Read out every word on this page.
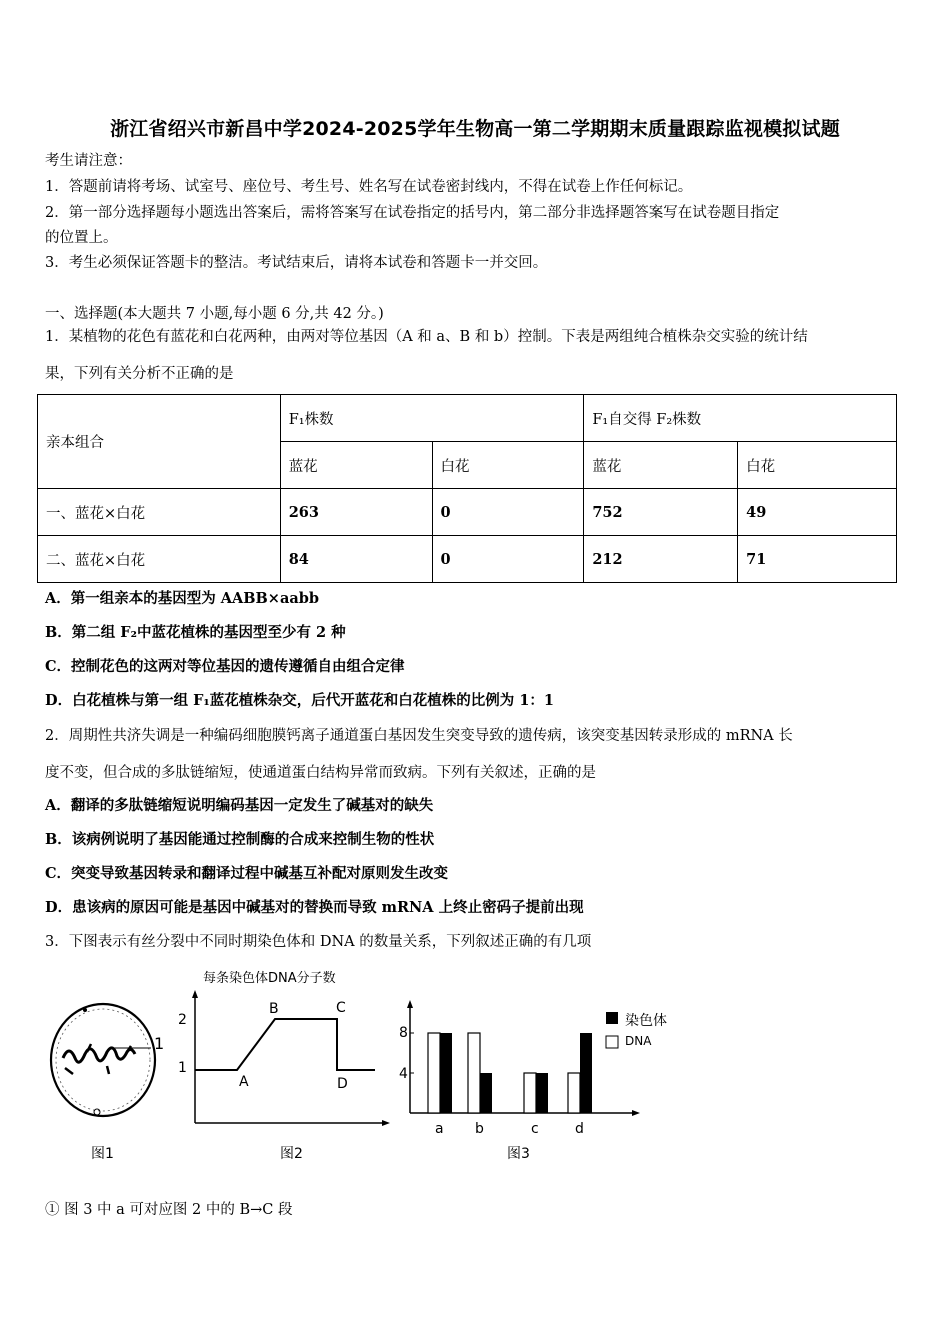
浙江省绍兴市新昌中学2024-2025学年生物高一第二学期期末质量跟踪监视模拟试题
考生请注意：
1．答题前请将考场、试室号、座位号、考生号、姓名写在试卷密封线内，不得在试卷上作任何标记。
2．第一部分选择题每小题选出答案后，需将答案写在试卷指定的括号内，第二部分非选择题答案写在试卷题目指定
的位置上。
3．考生必须保证答题卡的整洁。考试结束后，请将本试卷和答题卡一并交回。
一、选择题(本大题共 7 小题,每小题 6 分,共 42 分。)
1．某植物的花色有蓝花和白花两种，由两对等位基因（A 和 a、B 和 b）控制。下表是两组纯合植株杂交实验的统计结
果，下列有关分析不正确的是
亲本组合	F₁株数		F₁自交得 F₂株数	
	蓝花	白花	蓝花	白花
一、蓝花×白花	263	0	752	49
二、蓝花×白花	84	0	212	71
A．第一组亲本的基因型为 AABB×aabb
B．第二组 F₂中蓝花植株的基因型至少有 2 种
C．控制花色的这两对等位基因的遗传遵循自由组合定律
D．白花植株与第一组 F₁蓝花植株杂交，后代开蓝花和白花植株的比例为 1：1
2．周期性共济失调是一种编码细胞膜钙离子通道蛋白基因发生突变导致的遗传病，该突变基因转录形成的 mRNA 长
度不变，但合成的多肽链缩短，使通道蛋白结构异常而致病。下列有关叙述，正确的是
A．翻译的多肽链缩短说明编码基因一定发生了碱基对的缺失
B．该病例说明了基因能通过控制酶的合成来控制生物的性状
C．突变导致基因转录和翻译过程中碱基互补配对原则发生改变
D．患该病的原因可能是基因中碱基对的替换而导致 mRNA 上终止密码子提前出现
3．下图表示有丝分裂中不同时期染色体和 DNA 的数量关系，下列叙述正确的有几项
1
图1
每条染色体DNA分子数
2
1
A
B	C
D
图2
8
4
染色体
DNA
a b	c	d
图3
① 图 3 中 a 可对应图 2 中的 B→C 段
